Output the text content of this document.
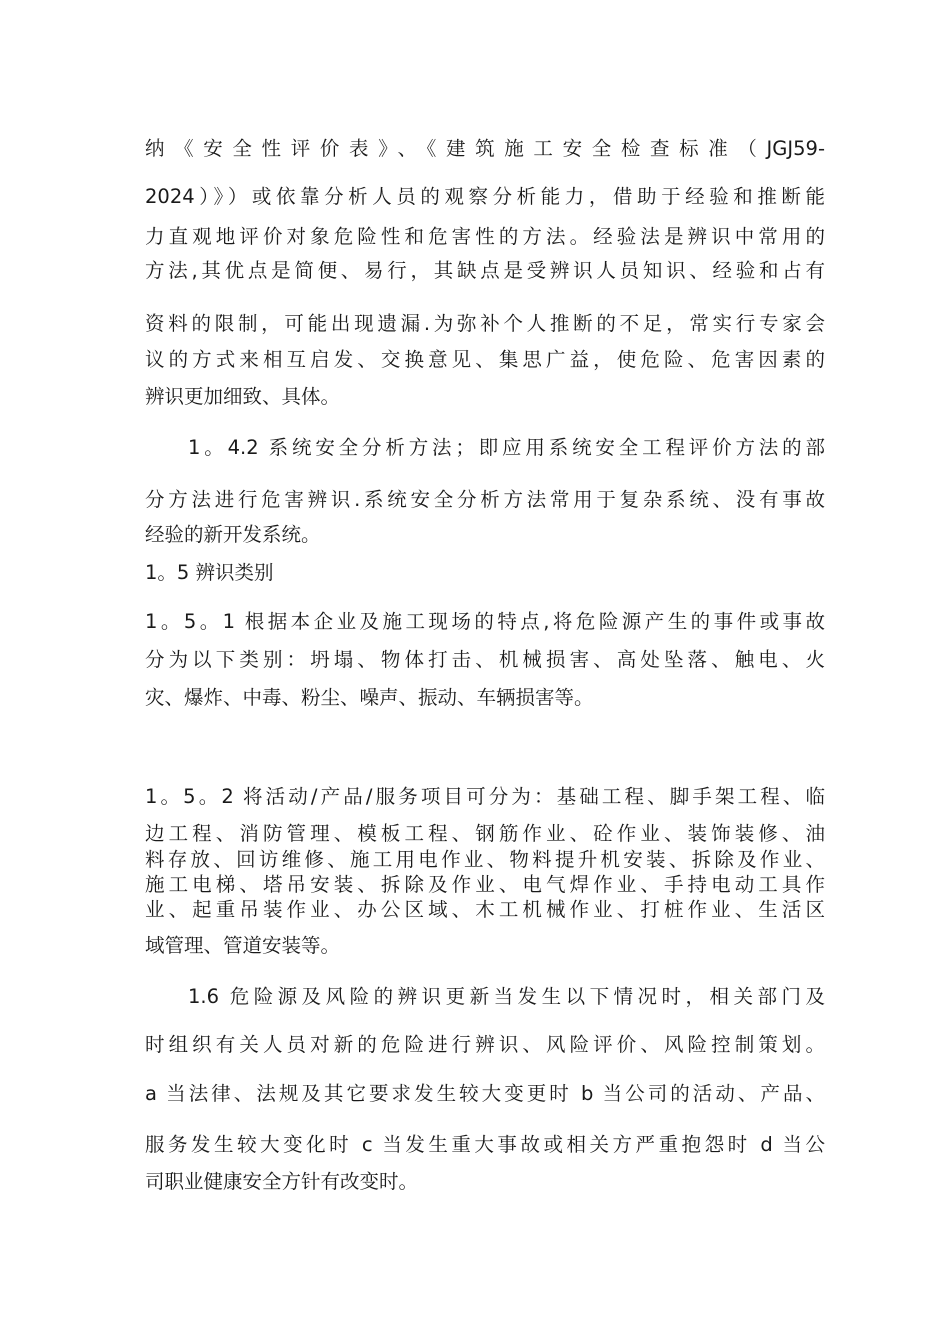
纳《安全性评价表》、《建筑施工安全检查标准（JGJ59-
2024）》）或依靠分析人员的观察分析能力，借助于经验和推断能
力直观地评价对象危险性和危害性的方法。经验法是辨识中常用的
方法,其优点是简便、易行，其缺点是受辨识人员知识、经验和占有
资料的限制，可能出现遗漏.为弥补个人推断的不足，常实行专家会
议的方式来相互启发、交换意见、集思广益，使危险、危害因素的
辨识更加细致、具体。
1。4.2 系统安全分析方法；即应用系统安全工程评价方法的部
分方法进行危害辨识.系统安全分析方法常用于复杂系统、没有事故
经验的新开发系统。
1。5 辨识类别
1。5。1 根据本企业及施工现场的特点,将危险源产生的事件或事故
分为以下类别：坍塌、物体打击、机械损害、高处坠落、触电、火
灾、爆炸、中毒、粉尘、噪声、振动、车辆损害等。
1。5。2 将活动/产品/服务项目可分为：基础工程、脚手架工程、临
边工程、消防管理、模板工程、钢筋作业、砼作业、装饰装修、油
料存放、回访维修、施工用电作业、物料提升机安装、拆除及作业、
施工电梯、塔吊安装、拆除及作业、电气焊作业、手持电动工具作
业、起重吊装作业、办公区域、木工机械作业、打桩作业、生活区
域管理、管道安装等。
1.6 危险源及风险的辨识更新当发生以下情况时，相关部门及
时组织有关人员对新的危险进行辨识、风险评价、风险控制策划。
a 当法律、法规及其它要求发生较大变更时 b 当公司的活动、产品、
服务发生较大变化时 c 当发生重大事故或相关方严重抱怨时 d 当公
司职业健康安全方针有改变时。
